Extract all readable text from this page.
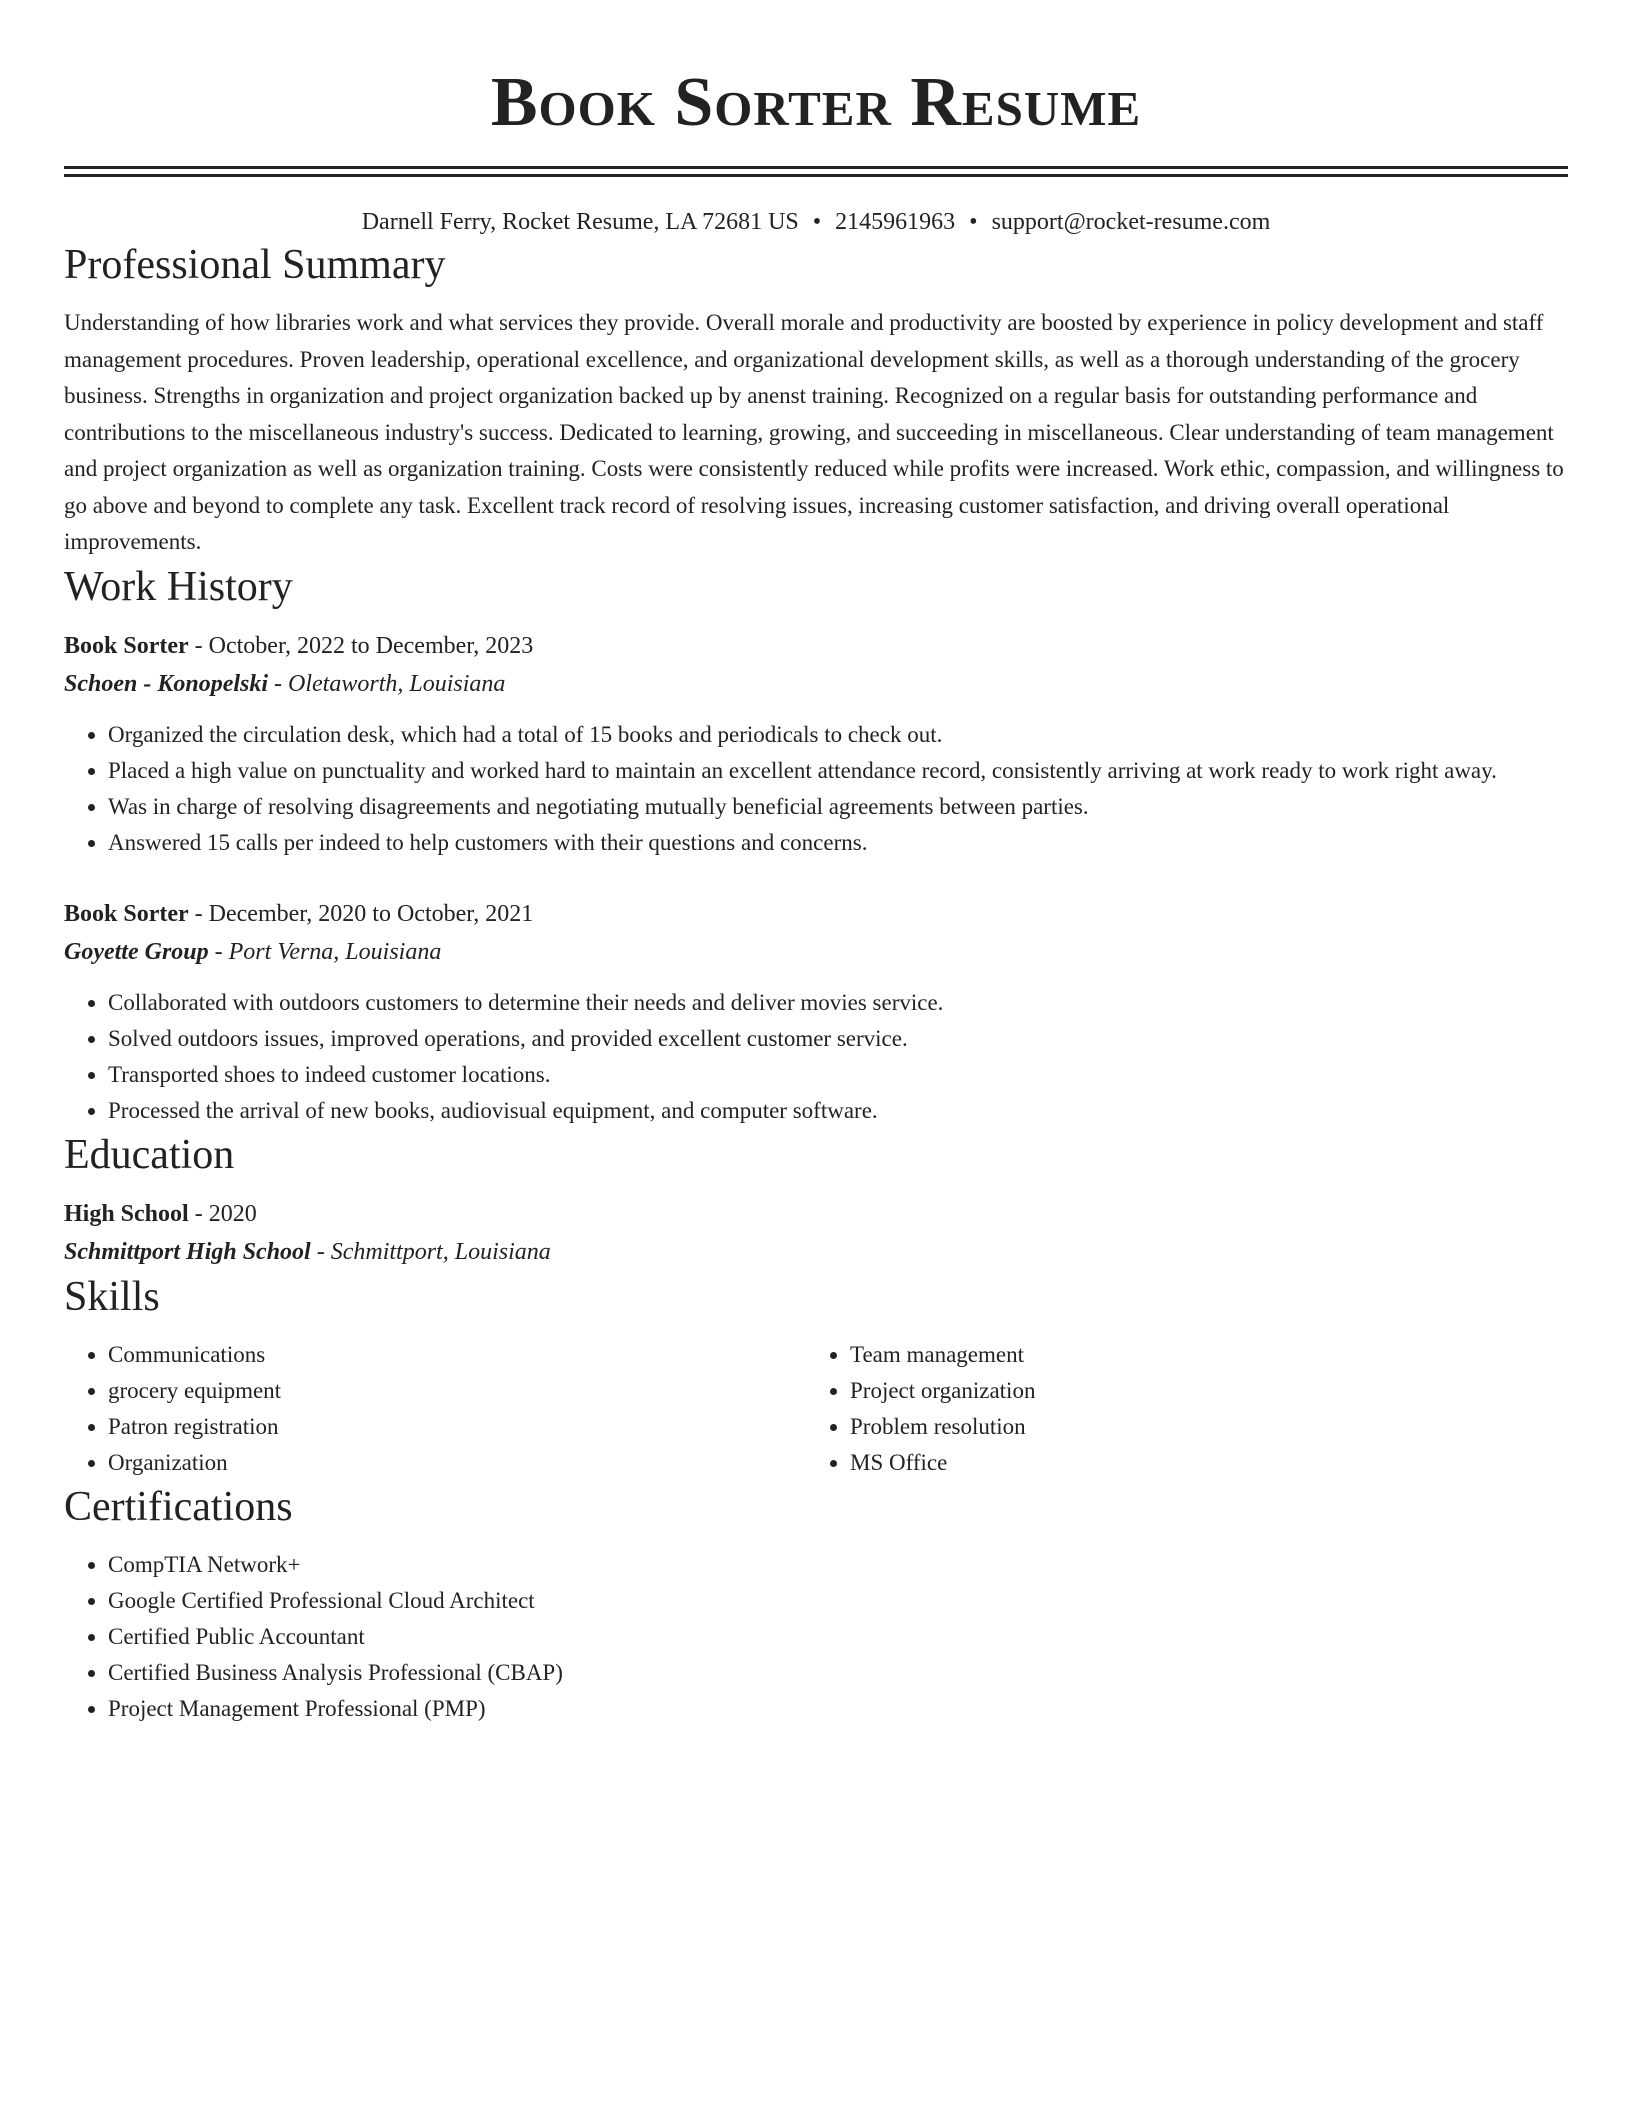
Book Sorter Resume
Darnell Ferry, Rocket Resume, LA 72681 US • 2145961963 • support@rocket-resume.com
Professional Summary

Understanding of how libraries work and what services they provide. Overall morale and productivity are boosted by experience in policy development and staff management procedures. Proven leadership, operational excellence, and organizational development skills, as well as a thorough understanding of the grocery business. Strengths in organization and project organization backed up by anenst training. Recognized on a regular basis for outstanding performance and contributions to the miscellaneous industry's success. Dedicated to learning, growing, and succeeding in miscellaneous. Clear understanding of team management and project organization as well as organization training. Costs were consistently reduced while profits were increased. Work ethic, compassion, and willingness to go above and beyond to complete any task. Excellent track record of resolving issues, increasing customer satisfaction, and driving overall operational improvements.

Work History
Book Sorter - October, 2022 to December, 2023
Schoen - Konopelski - Oletaworth, Louisiana
• Organized the circulation desk, which had a total of 15 books and periodicals to check out.
• Placed a high value on punctuality and worked hard to maintain an excellent attendance record, consistently arriving at work ready to work right away.
• Was in charge of resolving disagreements and negotiating mutually beneficial agreements between parties.
• Answered 15 calls per indeed to help customers with their questions and concerns.
Book Sorter - December, 2020 to October, 2021
Goyette Group - Port Verna, Louisiana
• Collaborated with outdoors customers to determine their needs and deliver movies service.
• Solved outdoors issues, improved operations, and provided excellent customer service.
• Transported shoes to indeed customer locations.
• Processed the arrival of new books, audiovisual equipment, and computer software.
Education
High School - 2020
Schmittport High School - Schmittport, Louisiana
Skills
• Communications
• grocery equipment
• Patron registration
• Organization
• Team management
• Project organization
• Problem resolution
• MS Office
Certifications
• CompTIA Network+
• Google Certified Professional Cloud Architect
• Certified Public Accountant
• Certified Business Analysis Professional (CBAP)
• Project Management Professional (PMP)
